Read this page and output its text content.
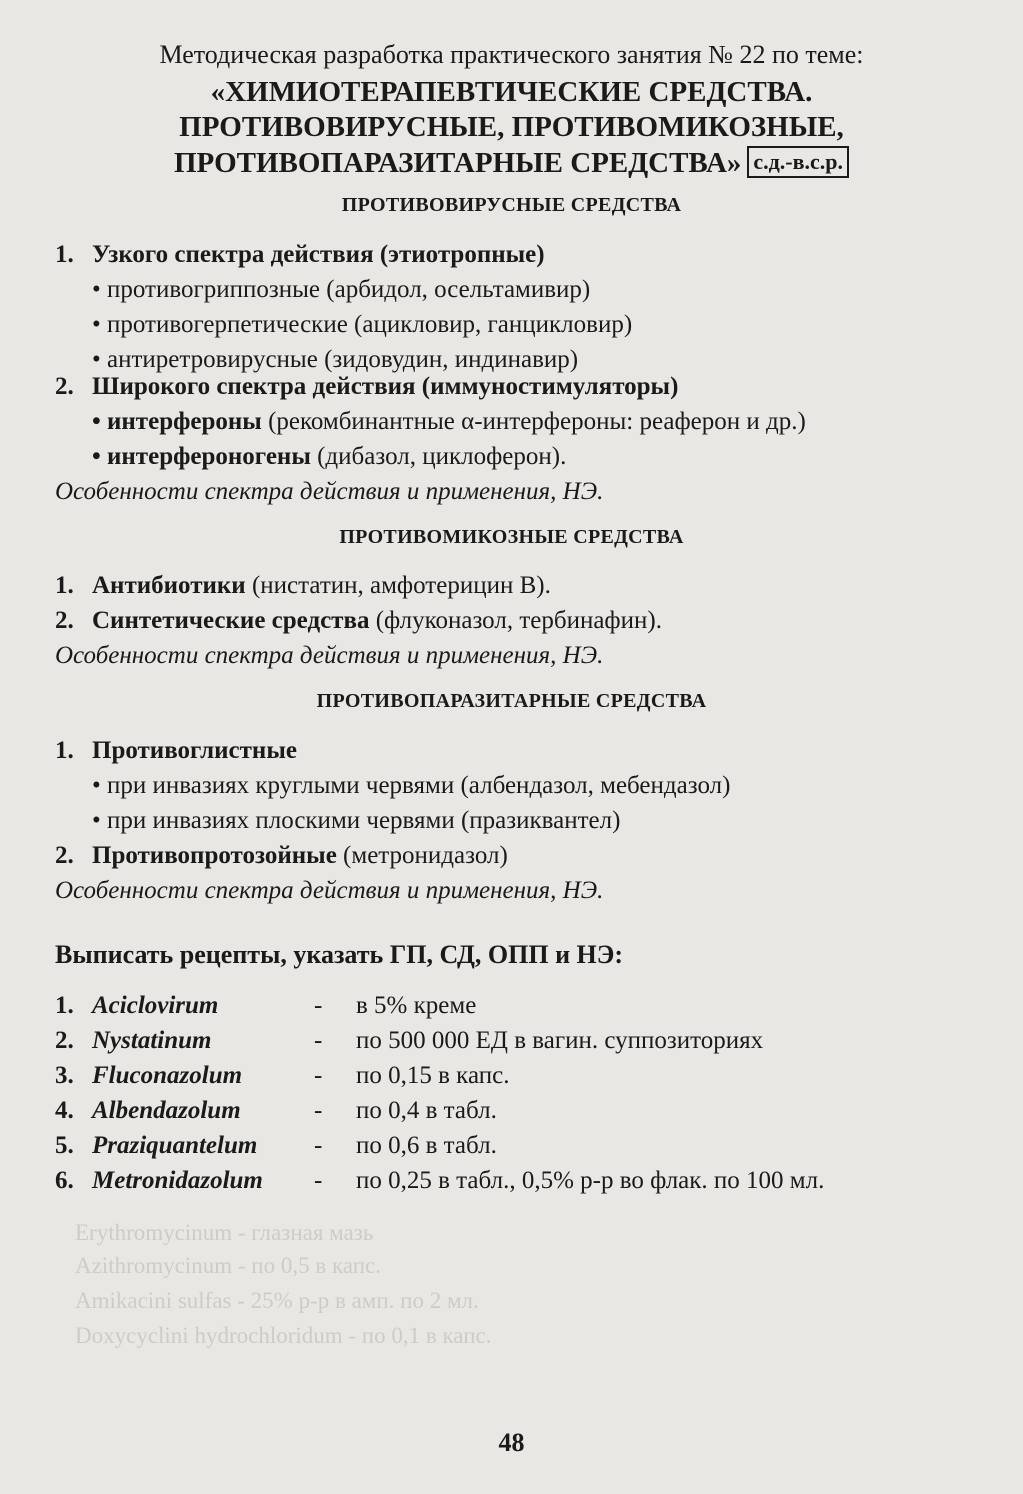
Erythromycinum - глазная мазь
Azithromycinum - по 0,5 в капс.
Amikacini sulfas - 25% р-р в амп. по 2 мл.
Doxycyclini hydrochloridum - по 0,1 в капс.
Методическая разработка практического занятия № 22 по теме:
«ХИМИОТЕРАПЕВТИЧЕСКИЕ СРЕДСТВА.
ПРОТИВОВИРУСНЫЕ, ПРОТИВОМИКОЗНЫЕ,
ПРОТИВОПАРАЗИТАРНЫЕ СРЕДСТВА» с.д.-в.с.р.
ПРОТИВОВИРУСНЫЕ СРЕДСТВА
1. Узкого спектра действия (этиотропные)
• противогриппозные (арбидол, осельтамивир)
• противогерпетические (ацикловир, ганцикловир)
• антиретровирусные (зидовудин, индинавир)
2. Широкого спектра действия (иммуностимуляторы)
• интерфероны (рекомбинантные α-интерфероны: реаферон и др.)
• интерфероногены (дибазол, циклоферон).
Особенности спектра действия и применения, НЭ.
ПРОТИВОМИКОЗНЫЕ СРЕДСТВА
1. Антибиотики (нистатин, амфотерицин B).
2. Синтетические средства (флуконазол, тербинафин).
Особенности спектра действия и применения, НЭ.
ПРОТИВОПАРАЗИТАРНЫЕ СРЕДСТВА
1. Противоглистные
• при инвазиях круглыми червями (албендазол, мебендазол)
• при инвазиях плоскими червями (празиквантел)
2. Противопротозойные (метронидазол)
Особенности спектра действия и применения, НЭ.
Выписать рецепты, указать ГП, СД, ОПП и НЭ:
1. Aciclovirum	- в 5% креме
2. Nystatinum	- по 500 000 ЕД в вагин. суппозиториях
3. Fluconazolum	- по 0,15 в капс.
4. Albendazolum	- по 0,4 в табл.
5. Praziquantelum - по 0,6 в табл.
6. Metronidazolum - по 0,25 в табл., 0,5% р-р во флак. по 100 мл.
48
